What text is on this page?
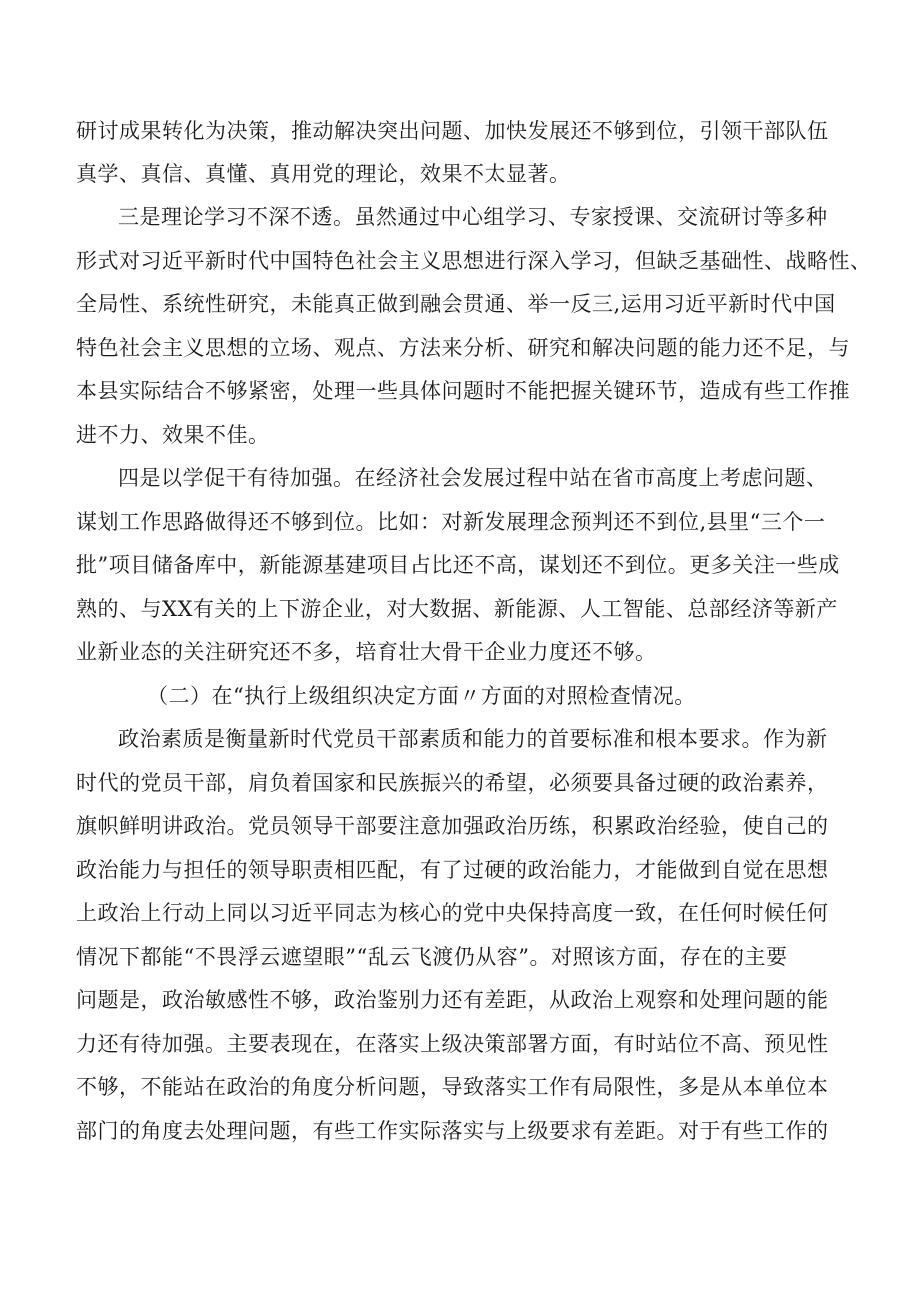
研讨成果转化为决策，推动解决突出问题、加快发展还不够到位，引领干部队伍
真学、真信、真懂、真用党的理论，效果不太显著。
三是理论学习不深不透。虽然通过中心组学习、专家授课、交流研讨等多种
形式对习近平新时代中国特色社会主义思想进行深入学习，但缺乏基础性、战略性、
全局性、系统性研究，未能真正做到融会贯通、举一反三,运用习近平新时代中国
特色社会主义思想的立场、观点、方法来分析、研究和解决问题的能力还不足，与
本县实际结合不够紧密，处理一些具体问题时不能把握关键环节，造成有些工作推
进不力、效果不佳。
四是以学促干有待加强。在经济社会发展过程中站在省市高度上考虑问题、
谋划工作思路做得还不够到位。比如：对新发展理念预判还不到位,县里“三个一
批”项目储备库中，新能源基建项目占比还不高，谋划还不到位。更多关注一些成
熟的、与XX有关的上下游企业，对大数据、新能源、人工智能、总部经济等新产
业新业态的关注研究还不多，培育壮大骨干企业力度还不够。
（二）在“执行上级组织决定方面〃方面的对照检查情况。
政治素质是衡量新时代党员干部素质和能力的首要标准和根本要求。作为新
时代的党员干部，肩负着国家和民族振兴的希望，必须要具备过硬的政治素养，
旗帜鲜明讲政治。党员领导干部要注意加强政治历练，积累政治经验，使自己的
政治能力与担任的领导职责相匹配，有了过硬的政治能力，才能做到自觉在思想
上政治上行动上同以习近平同志为核心的党中央保持高度一致，在任何时候任何
情况下都能“不畏浮云遮望眼”“乱云飞渡仍从容”。对照该方面，存在的主要
问题是，政治敏感性不够，政治鉴别力还有差距，从政治上观察和处理问题的能
力还有待加强。主要表现在，在落实上级决策部署方面，有时站位不高、预见性
不够，不能站在政治的角度分析问题，导致落实工作有局限性，多是从本单位本
部门的角度去处理问题，有些工作实际落实与上级要求有差距。对于有些工作的
